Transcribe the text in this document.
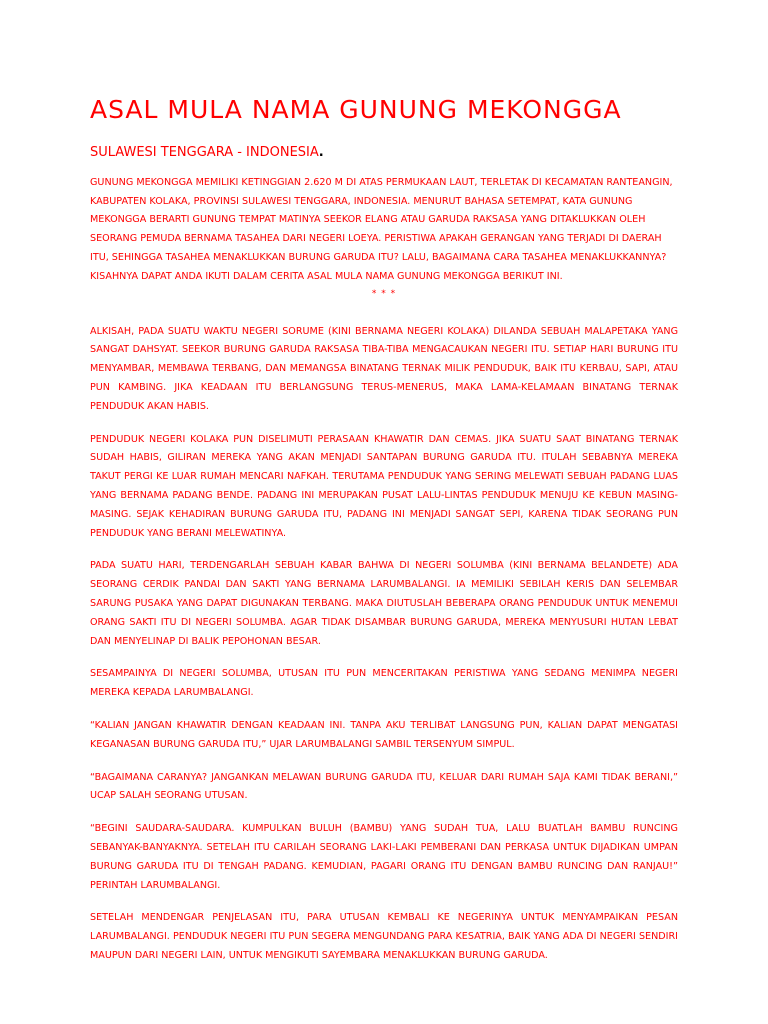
ASAL MULA NAMA GUNUNG MEKONGGA
SULAWESI TENGGARA - INDONESIA.

GUNUNG MEKONGGA MEMILIKI KETINGGIAN 2.620 M DI ATAS PERMUKAAN LAUT, TERLETAK DI KECAMATAN RANTEANGIN, KABUPATEN KOLAKA, PROVINSI SULAWESI TENGGARA, INDONESIA. MENURUT BAHASA SETEMPAT, KATA GUNUNG MEKONGGA BERARTI GUNUNG TEMPAT MATINYA SEEKOR ELANG ATAU GARUDA RAKSASA YANG DITAKLUKKAN OLEH SEORANG PEMUDA BERNAMA TASAHEA DARI NEGERI LOEYA. PERISTIWA APAKAH GERANGAN YANG TERJADI DI DAERAH ITU, SEHINGGA TASAHEA MENAKLUKKAN BURUNG GARUDA ITU? LALU, BAGAIMANA CARA TASAHEA MENAKLUKKANNYA? KISAHNYA DAPAT ANDA IKUTI DALAM CERITA ASAL MULA NAMA GUNUNG MEKONGGA BERIKUT INI.

* * *

ALKISAH, PADA SUATU WAKTU NEGERI SORUME (KINI BERNAMA NEGERI KOLAKA) DILANDA SEBUAH MALAPETAKA YANG SANGAT DAHSYAT. SEEKOR BURUNG GARUDA RAKSASA TIBA-TIBA MENGACAUKAN NEGERI ITU. SETIAP HARI BURUNG ITU MENYAMBAR, MEMBAWA TERBANG, DAN MEMANGSA BINATANG TERNAK MILIK PENDUDUK, BAIK ITU KERBAU, SAPI, ATAU PUN KAMBING. JIKA KEADAAN ITU BERLANGSUNG TERUS-MENERUS, MAKA LAMA-KELAMAAN BINATANG TERNAK PENDUDUK AKAN HABIS.

PENDUDUK NEGERI KOLAKA PUN DISELIMUTI PERASAAN KHAWATIR DAN CEMAS. JIKA SUATU SAAT BINATANG TERNAK SUDAH HABIS, GILIRAN MEREKA YANG AKAN MENJADI SANTAPAN BURUNG GARUDA ITU. ITULAH SEBABNYA MEREKA TAKUT PERGI KE LUAR RUMAH MENCARI NAFKAH. TERUTAMA PENDUDUK YANG SERING MELEWATI SEBUAH PADANG LUAS YANG BERNAMA PADANG BENDE. PADANG INI MERUPAKAN PUSAT LALU-LINTAS PENDUDUK MENUJU KE KEBUN MASING-MASING. SEJAK KEHADIRAN BURUNG GARUDA ITU, PADANG INI MENJADI SANGAT SEPI, KARENA TIDAK SEORANG PUN PENDUDUK YANG BERANI MELEWATINYA.

PADA SUATU HARI, TERDENGARLAH SEBUAH KABAR BAHWA DI NEGERI SOLUMBA (KINI BERNAMA BELANDETE) ADA SEORANG CERDIK PANDAI DAN SAKTI YANG BERNAMA LARUMBALANGI. IA MEMILIKI SEBILAH KERIS DAN SELEMBAR SARUNG PUSAKA YANG DAPAT DIGUNAKAN TERBANG. MAKA DIUTUSLAH BEBERAPA ORANG PENDUDUK UNTUK MENEMUI ORANG SAKTI ITU DI NEGERI SOLUMBA. AGAR TIDAK DISAMBAR BURUNG GARUDA, MEREKA MENYUSURI HUTAN LEBAT DAN MENYELINAP DI BALIK PEPOHONAN BESAR.

SESAMPAINYA DI NEGERI SOLUMBA, UTUSAN ITU PUN MENCERITAKAN PERISTIWA YANG SEDANG MENIMPA NEGERI MEREKA KEPADA LARUMBALANGI.

“KALIAN JANGAN KHAWATIR DENGAN KEADAAN INI. TANPA AKU TERLIBAT LANGSUNG PUN, KALIAN DAPAT MENGATASI KEGANASAN BURUNG GARUDA ITU,” UJAR LARUMBALANGI SAMBIL TERSENYUM SIMPUL.

“BAGAIMANA CARANYA? JANGANKAN MELAWAN BURUNG GARUDA ITU, KELUAR DARI RUMAH SAJA KAMI TIDAK BERANI,” UCAP SALAH SEORANG UTUSAN.

“BEGINI SAUDARA-SAUDARA. KUMPULKAN BULUH (BAMBU) YANG SUDAH TUA, LALU BUATLAH BAMBU RUNCING SEBANYAK-BANYAKNYA. SETELAH ITU CARILAH SEORANG LAKI-LAKI PEMBERANI DAN PERKASA UNTUK DIJADIKAN UMPAN BURUNG GARUDA ITU DI TENGAH PADANG. KEMUDIAN, PAGARI ORANG ITU DENGAN BAMBU RUNCING DAN RANJAU!” PERINTAH LARUMBALANGI.

SETELAH MENDENGAR PENJELASAN ITU, PARA UTUSAN KEMBALI KE NEGERINYA UNTUK MENYAMPAIKAN PESAN LARUMBALANGI. PENDUDUK NEGERI ITU PUN SEGERA MENGUNDANG PARA KESATRIA, BAIK YANG ADA DI NEGERI SENDIRI MAUPUN DARI NEGERI LAIN, UNTUK MENGIKUTI SAYEMBARA MENAKLUKKAN BURUNG GARUDA.
